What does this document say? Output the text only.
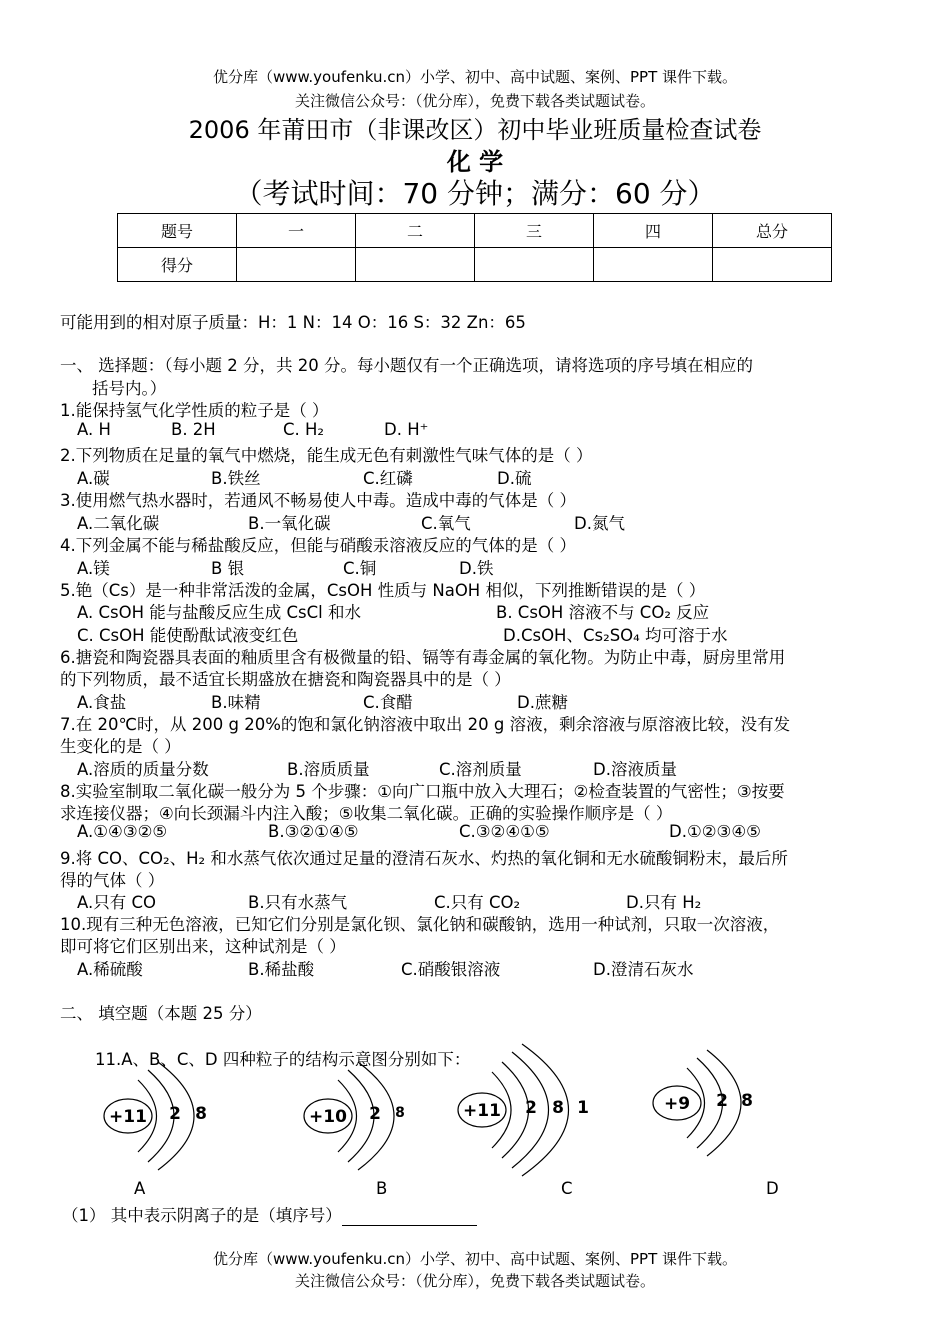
优分库（www.youfenku.cn）小学、初中、高中试题、案例、PPT 课件下载。
关注微信公众号：（优分库），免费下载各类试题试卷。
2006 年莆田市（非课改区）初中毕业班质量检查试卷
化 学
（考试时间：70 分钟；满分：60 分）
题号	一	二	三	四	总分
得分					
可能用到的相对原子质量：H：1 N：14 O：16 S：32 Zn：65
一、 选择题：（每小题 2 分，共 20 分。每小题仅有一个正确选项，请将选项的序号填在相应的
括号内。）
1.能保持氢气化学性质的粒子是（ ）
A. H	B. 2H	C. H₂	D. H⁺
2.下列物质在足量的氧气中燃烧，能生成无色有刺激性气味气体的是（ ）
A.碳	B.铁丝	C.红磷	D.硫
3.使用燃气热水器时，若通风不畅易使人中毒。造成中毒的气体是（ ）
A.二氧化碳	B.一氧化碳	C.氧气	D.氮气
4.下列金属不能与稀盐酸反应，但能与硝酸汞溶液反应的气体的是（ ）
A.镁	B 银	C.铜	D.铁
5.铯（Cs）是一种非常活泼的金属，CsOH 性质与 NaOH 相似，下列推断错误的是（ ）
A. CsOH 能与盐酸反应生成 CsCl 和水	B. CsOH 溶液不与 CO₂ 反应
C. CsOH 能使酚酞试液变红色	D.CsOH、Cs₂SO₄ 均可溶于水
6.搪瓷和陶瓷器具表面的釉质里含有极微量的铅、镉等有毒金属的氧化物。为防止中毒，厨房里常用
的下列物质，最不适宜长期盛放在搪瓷和陶瓷器具中的是（ ）
A.食盐	B.味精	C.食醋	D.蔗糖
7.在 20℃时，从 200 g 20%的饱和氯化钠溶液中取出 20 g 溶液，剩余溶液与原溶液比较，没有发
生变化的是（ ）
A.溶质的质量分数	B.溶质质量	C.溶剂质量	D.溶液质量
8.实验室制取二氧化碳一般分为 5 个步骤：①向广口瓶中放入大理石；②检查装置的气密性；③按要
求连接仪器；④向长颈漏斗内注入酸；⑤收集二氧化碳。正确的实验操作顺序是（ ）
A.①④③②⑤	B.③②①④⑤	C.③②④①⑤	D.①②③④⑤
9.将 CO、CO₂、H₂ 和水蒸气依次通过足量的澄清石灰水、灼热的氧化铜和无水硫酸铜粉末，最后所
得的气体（ ）
A.只有 CO	B.只有水蒸气	C.只有 CO₂	D.只有 H₂
10.现有三种无色溶液，已知它们分别是氯化钡、氯化钠和碳酸钠，选用一种试剂，只取一次溶液，
即可将它们区别出来，这种试剂是（ ）
A.稀硫酸	B.稀盐酸	C.硝酸银溶液	D.澄清石灰水
二、 填空题（本题 25 分）
11.A、B、C、D 四种粒子的结构示意图分别如下：
+11 2 8	+10 2 8	+11 2 8 1	+9 2 8
A	B	C	D
（1） 其中表示阴离子的是（填序号）
优分库（www.youfenku.cn）小学、初中、高中试题、案例、PPT 课件下载。
关注微信公众号：（优分库），免费下载各类试题试卷。
